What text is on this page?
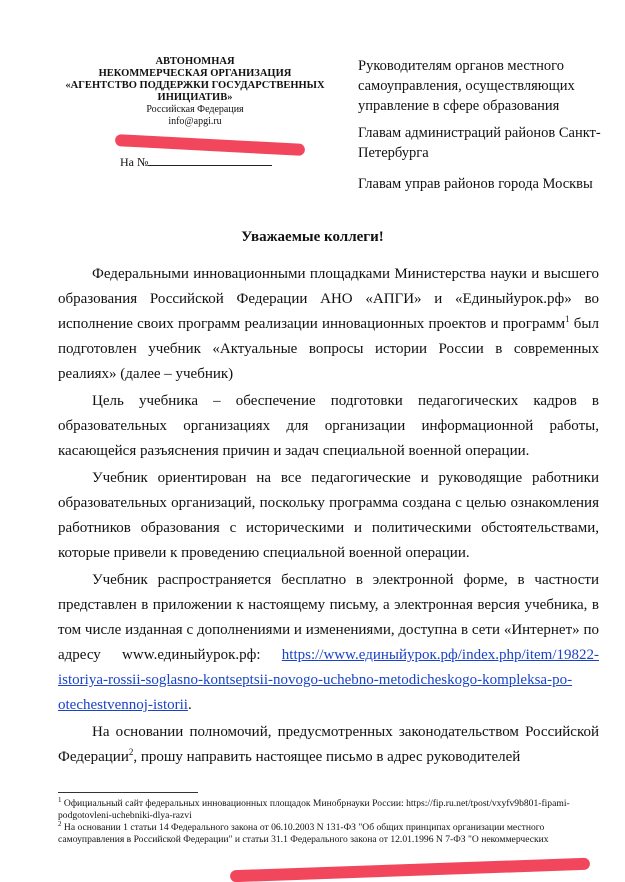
АВТОНОМНАЯ
НЕКОММЕРЧЕСКАЯ ОРГАНИЗАЦИЯ
«АГЕНТСТВО ПОДДЕРЖКИ ГОСУДАРСТВЕННЫХ
ИНИЦИАТИВ»
Российская Федерация
info@apgi.ru
На №
Руководителям органов местного самоуправления, осуществляющих управление в сфере образования
Главам администраций районов Санкт-Петербурга
Главам управ районов города Москвы
Уважаемые коллеги!

Федеральными инновационными площадками Министерства науки и высшего образования Российской Федерации АНО «АПГИ» и «Единыйурок.рф» во исполнение своих программ реализации инновационных проектов и программ$^1$ был подготовлен учебник «Актуальные вопросы истории России в современных реалиях» (далее – учебник)

Цель учебника – обеспечение подготовки педагогических кадров в образовательных организациях для организации информационной работы, касающейся разъяснения причин и задач специальной военной операции.

Учебник ориентирован на все педагогические и руководящие работники образовательных организаций, поскольку программа создана с целью ознакомления работников образования с историческими и политическими обстоятельствами, которые привели к проведению специальной военной операции.

Учебник распространяется бесплатно в электронной форме, в частности представлен в приложении к настоящему письму, а электронная версия учебника, в том числе изданная с дополнениями и изменениями, доступна в сети «Интернет» по адресу www.единыйурок.рф: https://www.единыйурок.рф/index.php/item/19822-istoriya-rossii-soglasno-kontseptsii-novogo-uchebno-metodicheskogo-kompleksa-po-otechestvennoj-istorii.

На основании полномочий, предусмотренных законодательством Российской Федерации$^2$, прошу направить настоящее письмо в адрес руководителей

$^1$ Официальный сайт федеральных инновационных площадок Минобрнауки России: https://fip.ru.net/tpost/vxyfv9b801-fipami-podgotovleni-uchebniki-dlya-razvi
$^2$ На основании 1 статьи 14 Федерального закона от 06.10.2003 N 131-ФЗ "Об общих принципах организации местного самоуправления в Российской Федерации" и статьи 31.1 Федерального закона от 12.01.1996 N 7-ФЗ "О некоммерческих
